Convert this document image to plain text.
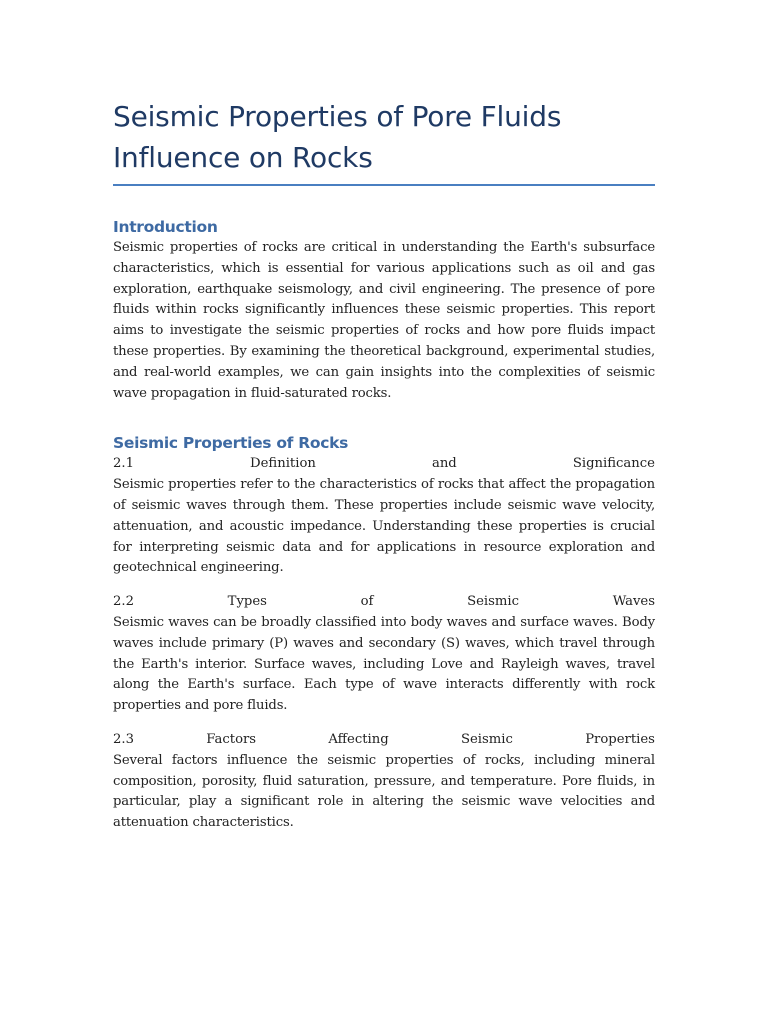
Seismic Properties of Pore Fluids
Influence on Rocks
Introduction

Seismic properties of rocks are critical in understanding the Earth's subsurface characteristics, which is essential for various applications such as oil and gas exploration, earthquake seismology, and civil engineering. The presence of pore fluids within rocks significantly influences these seismic properties. This report aims to investigate the seismic properties of rocks and how pore fluids impact these properties. By examining the theoretical background, experimental studies, and real-world examples, we can gain insights into the complexities of seismic wave propagation in fluid-saturated rocks.

Seismic Properties of Rocks
2.1	Definition	and	Significance

Seismic properties refer to the characteristics of rocks that affect the propagation of seismic waves through them. These properties include seismic wave velocity, attenuation, and acoustic impedance. Understanding these properties is crucial for interpreting seismic data and for applications in resource exploration and geotechnical engineering.

2.2	Types	of	Seismic	Waves

Seismic waves can be broadly classified into body waves and surface waves. Body waves include primary (P) waves and secondary (S) waves, which travel through the Earth's interior. Surface waves, including Love and Rayleigh waves, travel along the Earth's surface. Each type of wave interacts differently with rock properties and pore fluids.

2.3	Factors	Affecting	Seismic	Properties

Several factors influence the seismic properties of rocks, including mineral composition, porosity, fluid saturation, pressure, and temperature. Pore fluids, in particular, play a significant role in altering the seismic wave velocities and attenuation characteristics.
